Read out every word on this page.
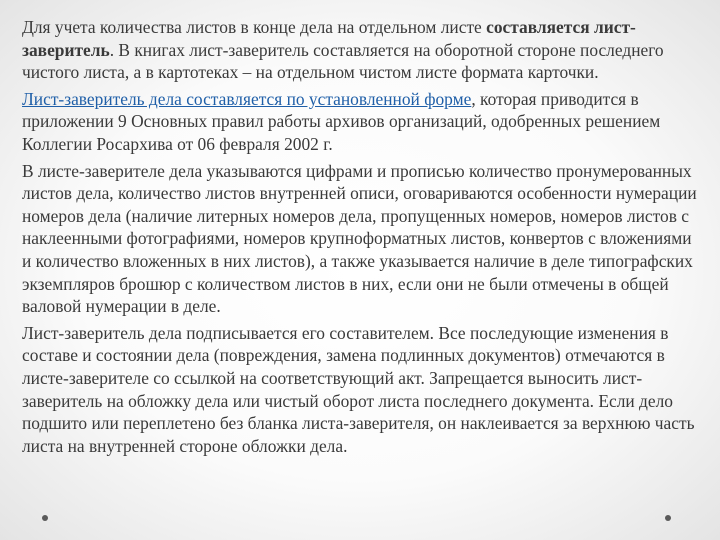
Для учета количества листов в конце дела на отдельном листе составляется лист-заверитель. В книгах лист-заверитель составляется на оборотной стороне последнего чистого листа, а в картотеках – на отдельном чистом листе формата карточки.

Лист-заверитель дела составляется по установленной форме, которая приводится в приложении 9 Основных правил работы архивов организаций, одобренных решением Коллегии Росархива от 06 февраля 2002 г.

В листе-заверителе дела указываются цифрами и прописью количество пронумерованных листов дела, количество листов внутренней описи, оговариваются особенности нумерации номеров дела (наличие литерных номеров дела, пропущенных номеров, номеров листов с наклеенными фотографиями, номеров крупноформатных листов, конвертов с вложениями и количество вложенных в них листов), а также указывается наличие в деле типографских экземпляров брошюр с количеством листов в них, если они не были отмечены в общей валовой нумерации в деле.

Лист-заверитель дела подписывается его составителем. Все последующие изменения в составе и состоянии дела (повреждения, замена подлинных документов) отмечаются в листе-заверителе со ссылкой на соответствующий акт. Запрещается выносить лист-заверитель на обложку дела или чистый оборот листа последнего документа. Если дело подшито или переплетено без бланка листа-заверителя, он наклеивается за верхнюю часть листа на внутренней стороне обложки дела.
